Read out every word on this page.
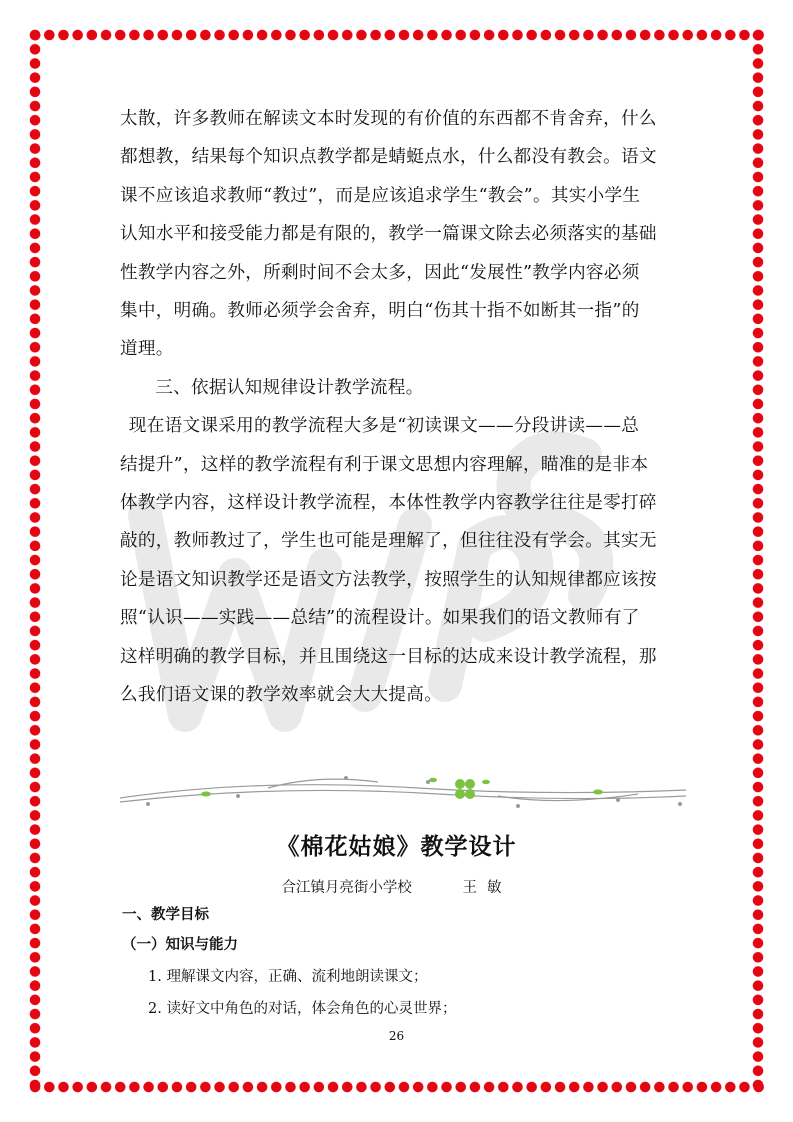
太散，许多教师在解读文本时发现的有价值的东西都不肯舍弃，什么

都想教，结果每个知识点教学都是蜻蜓点水，什么都没有教会。语文

课不应该追求教师“教过”，而是应该追求学生“教会”。其实小学生

认知水平和接受能力都是有限的，教学一篇课文除去必须落实的基础

性教学内容之外，所剩时间不会太多，因此“发展性”教学内容必须

集中，明确。教师必须学会舍弃，明白“伤其十指不如断其一指”的

道理。

三、依据认知规律设计教学流程。

现在语文课采用的教学流程大多是“初读课文——分段讲读——总

结提升”，这样的教学流程有利于课文思想内容理解，瞄准的是非本

体教学内容，这样设计教学流程，本体性教学内容教学往往是零打碎

敲的，教师教过了，学生也可能是理解了，但往往没有学会。其实无

论是语文知识教学还是语文方法教学，按照学生的认知规律都应该按

照“认识——实践——总结”的流程设计。如果我们的语文教师有了

这样明确的教学目标，并且围绕这一目标的达成来设计教学流程，那

么我们语文课的教学效率就会大大提高。

《棉花姑娘》教学设计
合江镇月亮街小学校	王敏
一、教学目标
（一）知识与能力
1. 理解课文内容，正确、流利地朗读课文；
2. 读好文中角色的对话，体会角色的心灵世界；
26
